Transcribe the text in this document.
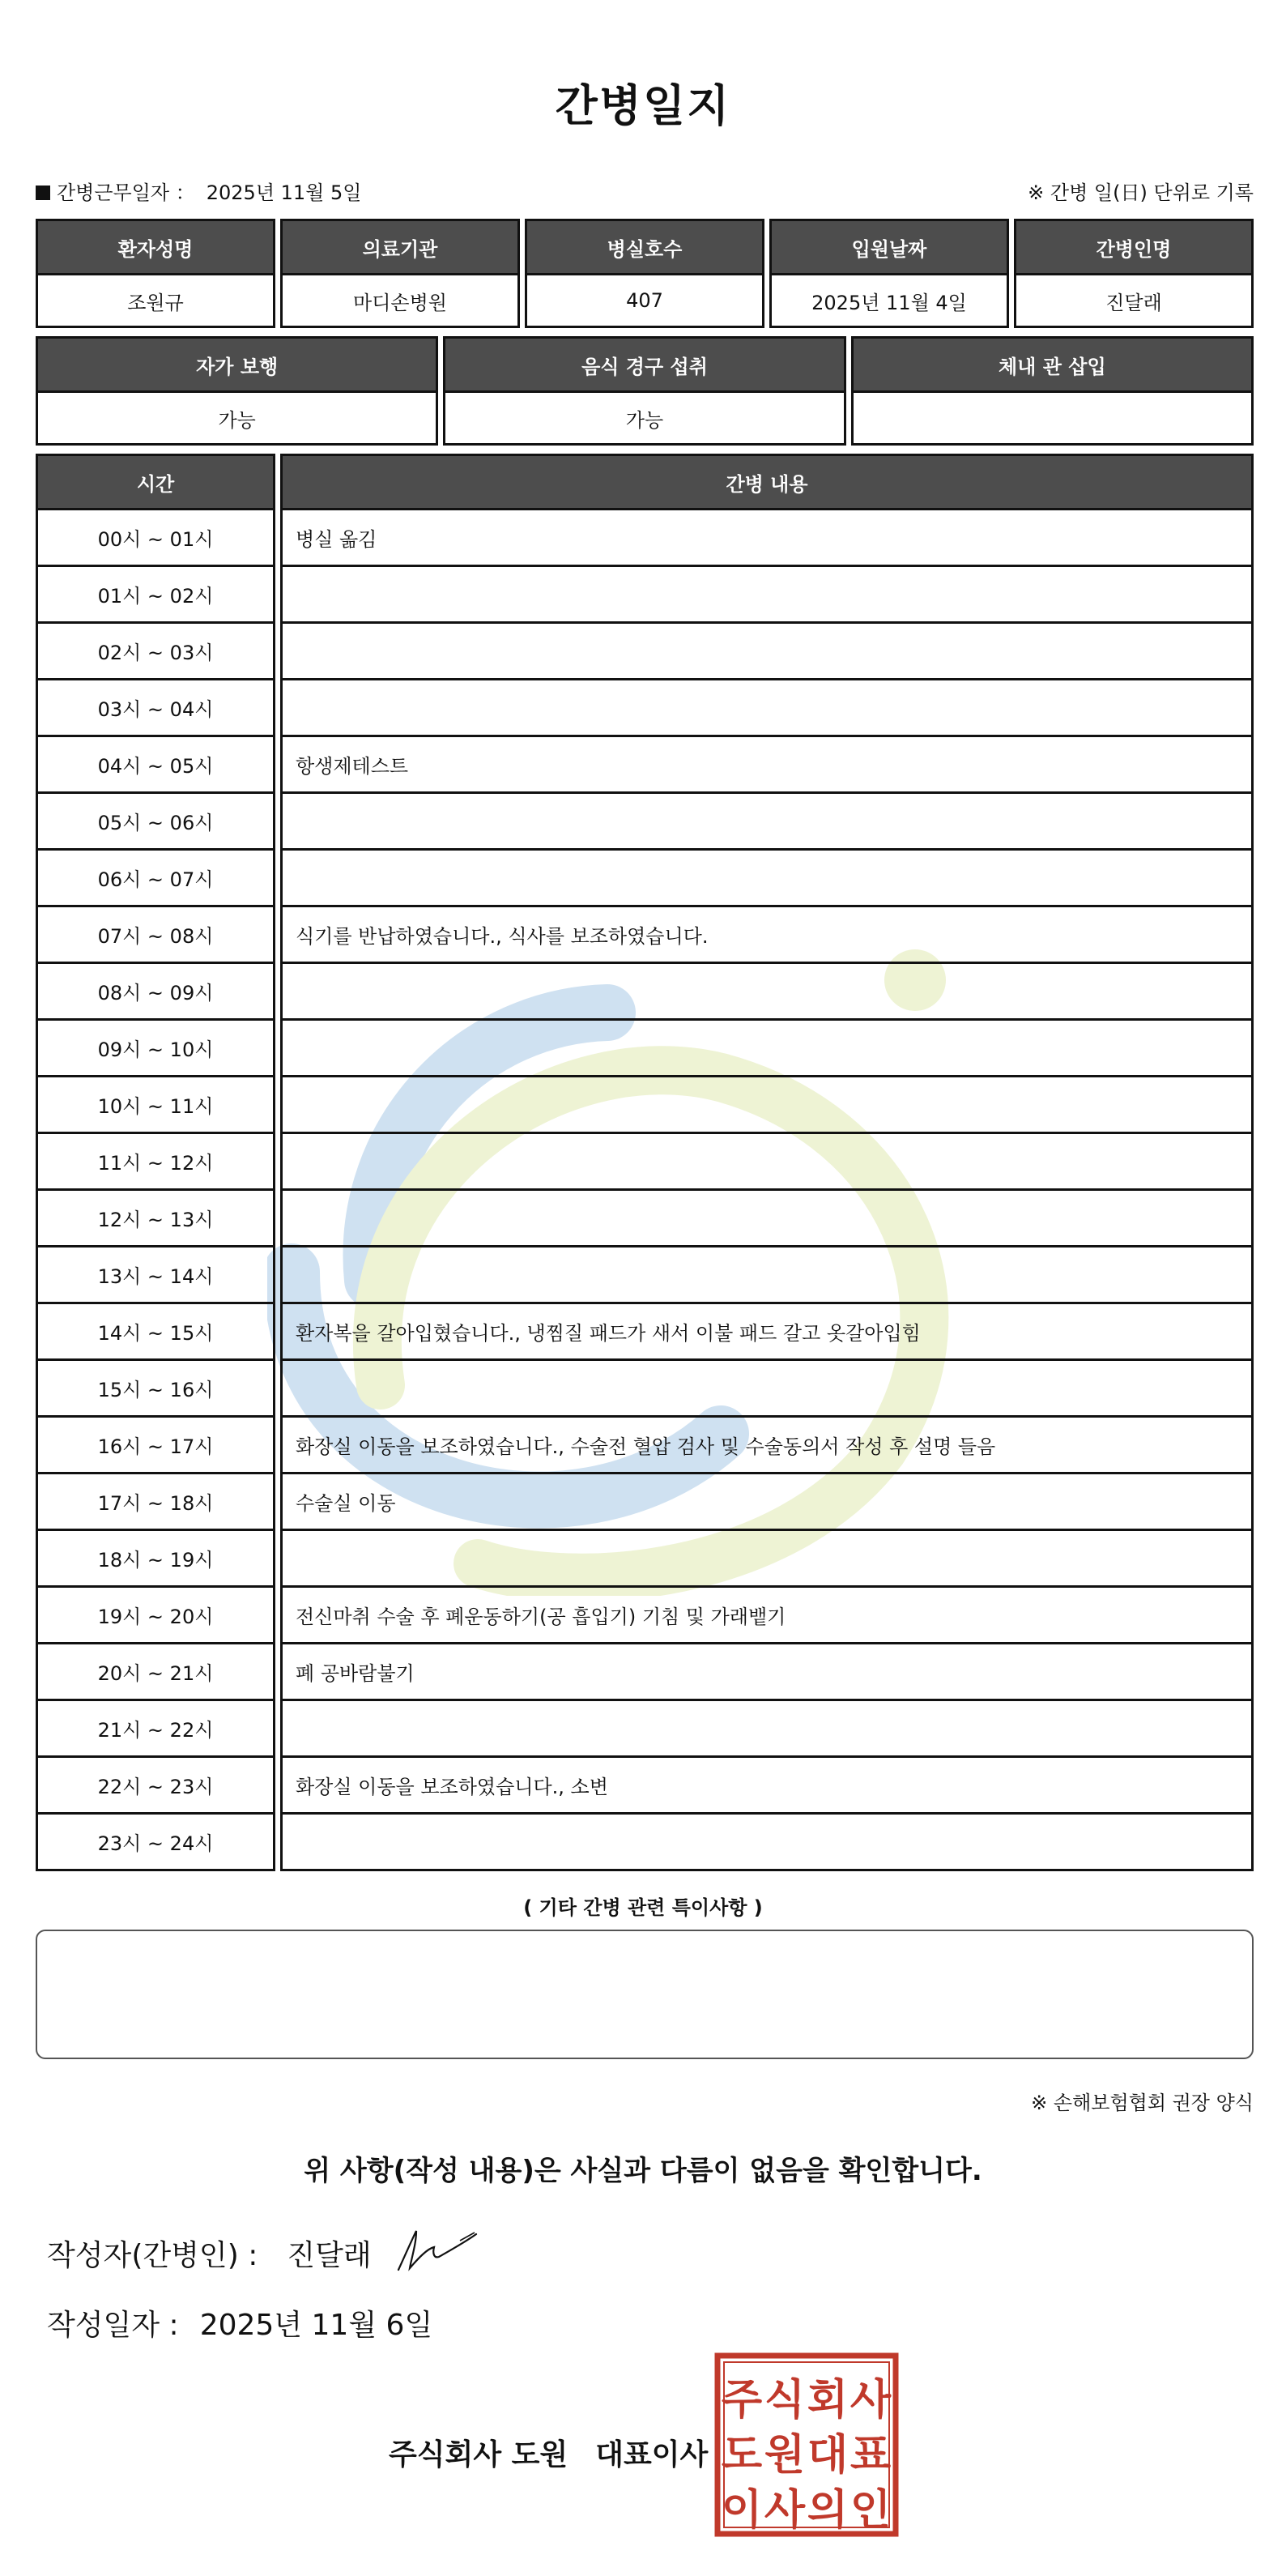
간병일지
간병근무일자 ： 2025년 11월 5일	※ 간병 일(日) 단위로 기록
환자성명	의료기관	병실호수	입원날짜	간병인명
조원규	마디손병원	407	2025년 11월 4일	진달래
자가 보행	음식 경구 섭취	체내 관 삽입
가능	가능	
시간	간병 내용
00시 ~ 01시	병실 옮김
01시 ~ 02시
02시 ~ 03시
03시 ~ 04시
04시 ~ 05시	항생제테스트
05시 ~ 06시
06시 ~ 07시
07시 ~ 08시	식기를 반납하였습니다., 식사를 보조하였습니다.
08시 ~ 09시
09시 ~ 10시
10시 ~ 11시
11시 ~ 12시
12시 ~ 13시
13시 ~ 14시
14시 ~ 15시	환자복을 갈아입혔습니다., 냉찜질 패드가 새서 이불 패드 갈고 옷갈아입힘
15시 ~ 16시
16시 ~ 17시	화장실 이동을 보조하였습니다., 수술전 혈압 검사 및 수술동의서 작성 후 설명 들음
17시 ~ 18시	수술실 이동
18시 ~ 19시
19시 ~ 20시	전신마취 수술 후 폐운동하기(공 흡입기) 기침 및 가래뱉기
20시 ~ 21시	폐 공바람불기
21시 ~ 22시
22시 ~ 23시	화장실 이동을 보조하였습니다., 소변
23시 ~ 24시
( 기타 간병 관련 특이사항 )
※ 손해보험협회 권장 양식
위 사항(작성 내용)은 사실과 다름이 없음을 확인합니다.
작성자(간병인) : 진달래
작성일자 : 2025년 11월 6일
주식회사 도원 대표이사
주 식 회 사
도 원 대 표
이 사 의 인
